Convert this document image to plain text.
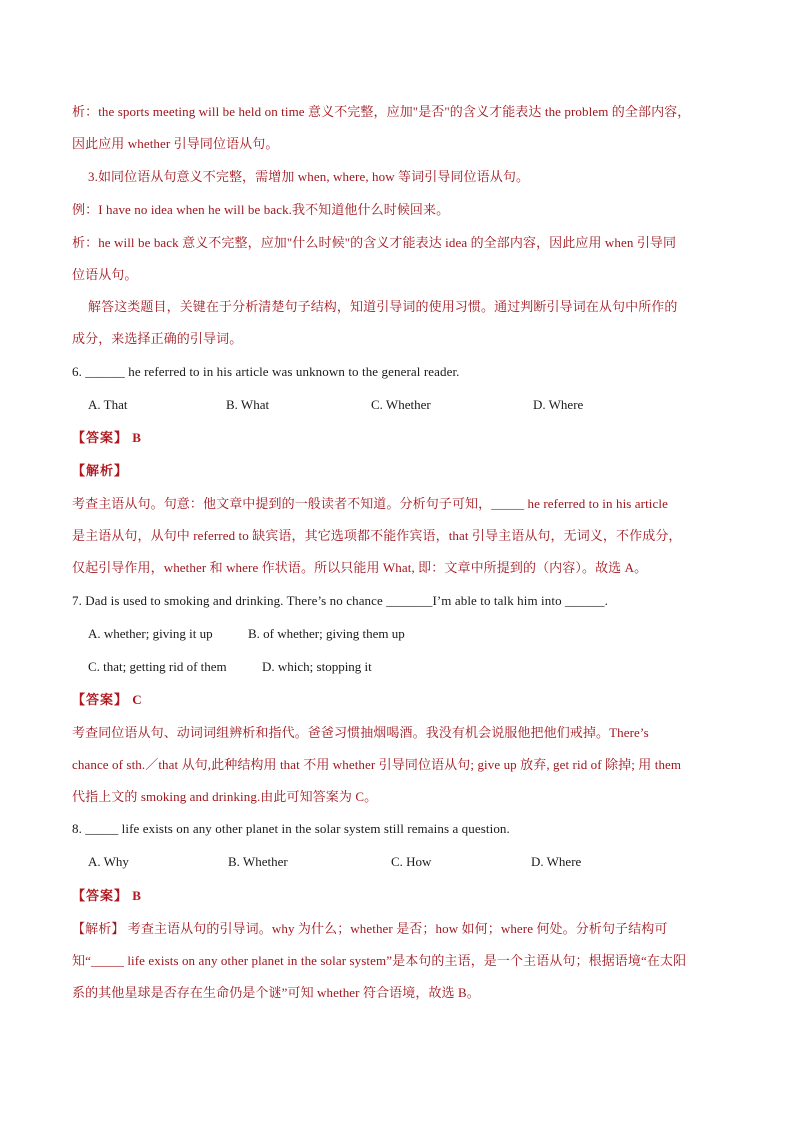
析：the sports meeting will be held on time 意义不完整，应加"是否"的含义才能表达 the problem 的全部内容，
因此应用 whether 引导同位语从句。
3.如同位语从句意义不完整，需增加 when, where, how 等词引导同位语从句。
例：I have no idea when he will be back.我不知道他什么时候回来。
析：he will be back 意义不完整，应加"什么时候"的含义才能表达 idea 的全部内容，因此应用 when 引导同
位语从句。
解答这类题目，关键在于分析清楚句子结构，知道引导词的使用习惯。通过判断引导词在从句中所作的
成分，来选择正确的引导词。
6. ______ he referred to in his article was unknown to the general reader.
A. That	B. What	C. Whether	D. Where
【答案】 B
【解析】
考查主语从句。句意：他文章中提到的一般读者不知道。分析句子可知，_____ he referred to in his article
是主语从句，从句中 referred to 缺宾语，其它选项都不能作宾语，that 引导主语从句，无词义，不作成分，
仅起引导作用，whether 和 where 作状语。所以只能用 What, 即：文章中所提到的（内容）。故选 A。
7. Dad is used to smoking and drinking. There’s no chance _______I’m able to talk him into ______.
A. whether; giving it up	B. of whether; giving them up
C. that; getting rid of them	D. which; stopping it
【答案】 C
考查同位语从句、动词词组辨析和指代。爸爸习惯抽烟喝酒。我没有机会说服他把他们戒掉。There’s
chance of sth.／that 从句,此种结构用 that 不用 whether 引导同位语从句; give up 放弃, get rid of 除掉; 用 them
代指上文的 smoking and drinking.由此可知答案为 C。
8. _____ life exists on any other planet in the solar system still remains a question.
A. Why	B. Whether	C. How	D. Where
【答案】 B
【解析】 考查主语从句的引导词。why 为什么；whether 是否；how 如何；where 何处。分析句子结构可
知“_____ life exists on any other planet in the solar system”是本句的主语，是一个主语从句；根据语境“在太阳
系的其他星球是否存在生命仍是个谜”可知 whether 符合语境，故选 B。
